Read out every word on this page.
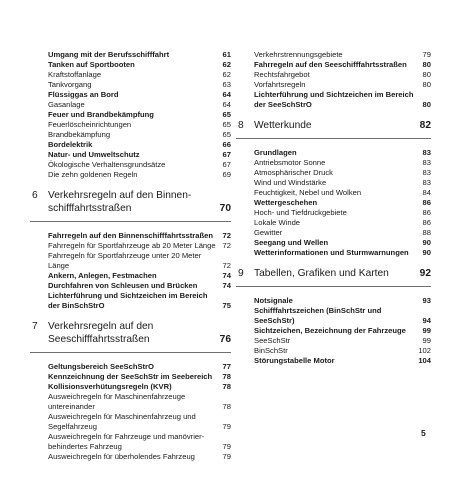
Umgang mit der Berufsschifffahrt	61
Tanken auf Sportbooten	62
Kraftstoffanlage	62
Tankvorgang	63
Flüssiggas an Bord	64
Gasanlage	64
Feuer und Brandbekämpfung	65
Feuerlöscheinrichtungen	65
Brandbekämpfung	65
Bordelektrik	66
Natur- und Umweltschutz	67
Ökologische Verhaltensgrundsätze	67
Die zehn goldenen Regeln	69
6 Verkehrsregeln auf den Binnen-schifffahrtsstraßen	70
Fahrregeln auf den Binnenschifffahrtsstraßen 72
Fahrregeln für Sportfahrzeuge ab 20 Meter Länge 72
Fahrregeln für Sportfahrzeuge unter 20 Meter Länge	72
Ankern, Anlegen, Festmachen	74
Durchfahren von Schleusen und Brücken	74
Lichterführung und Sichtzeichen im Bereich der BinSchStrO	75
7 Verkehrsregeln auf den Seeschifffahrtsstraßen	76
Geltungsbereich SeeSchStrO	77
Kennzeichnung der SeeSchStr im Seebereich 78
Kollisionsverhütungsregeln (KVR)	78
Ausweichregeln für Maschinenfahrzeuge untereinander	78
Ausweichregeln für Maschinenfahrzeug und Segelfahrzeug	79
Ausweichregeln für Fahrzeuge und manövrier-behindertes Fahrzeug	79
Ausweichregeln für überholendes Fahrzeug	79
Verkehrstrennungsgebiete	79
Fahrregeln auf den Seeschifffahrtsstraßen 80
Rechtsfahrgebot	80
Vorfahrtsregeln	80
Lichterführung und Sichtzeichen im Bereich der SeeSchStrO	80
8 Wetterkunde	82
Grundlagen	83
Antriebsmotor Sonne	83
Atmosphärischer Druck	83
Wind und Windstärke	83
Feuchtigkeit, Nebel und Wolken	84
Wettergeschehen	86
Hoch- und Tiefdruckgebiete	86
Lokale Winde	86
Gewitter	88
Seegang und Wellen	90
Wetterinformationen und Sturmwarnungen 90
9 Tabellen, Grafiken und Karten	92
Notsignale	93
Schifffahrtszeichen (BinSchStr und SeeSchStr)	94
Sichtzeichen, Bezeichnung der Fahrzeuge 99
SeeSchStr	99
BinSchStr	102
Störungstabelle Motor	104
5
